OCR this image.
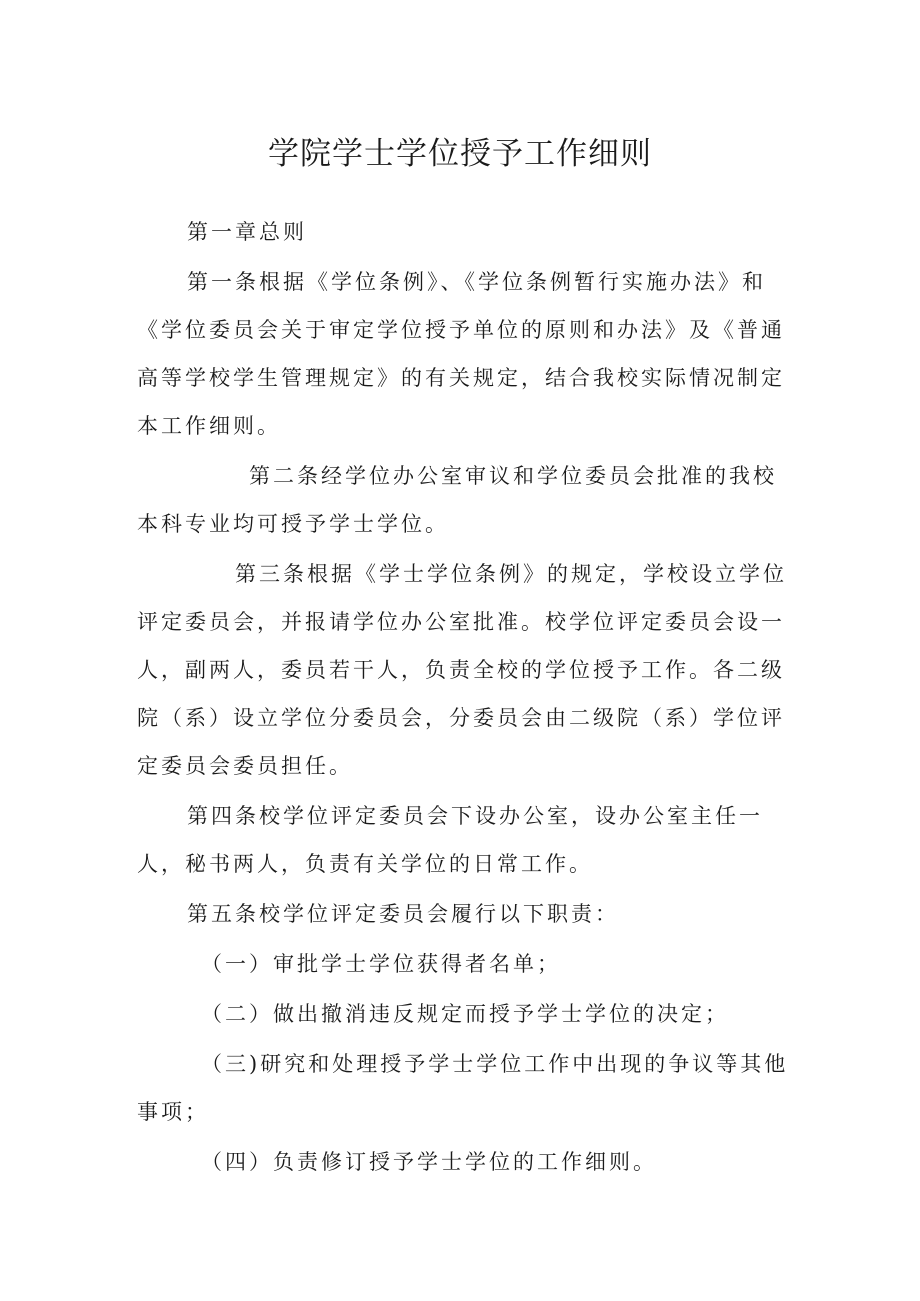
学院学士学位授予工作细则

第一章总则

第一条根据《学位条例》、《学位条例暂行实施办法》和《学位委员会关于审定学位授予单位的原则和办法》及《普通高等学校学生管理规定》的有关规定，结合我校实际情况制定本工作细则。

第二条经学位办公室审议和学位委员会批准的我校本科专业均可授予学士学位。

第三条根据《学士学位条例》的规定，学校设立学位评定委员会，并报请学位办公室批准。校学位评定委员会设一人，副两人，委员若干人，负责全校的学位授予工作。各二级院（系）设立学位分委员会，分委员会由二级院（系）学位评定委员会委员担任。

第四条校学位评定委员会下设办公室，设办公室主任一人，秘书两人，负责有关学位的日常工作。

第五条校学位评定委员会履行以下职责：

（一）审批学士学位获得者名单；

（二）做出撤消违反规定而授予学士学位的决定；

（三)研究和处理授予学士学位工作中出现的争议等其他事项；

（四）负责修订授予学士学位的工作细则。
